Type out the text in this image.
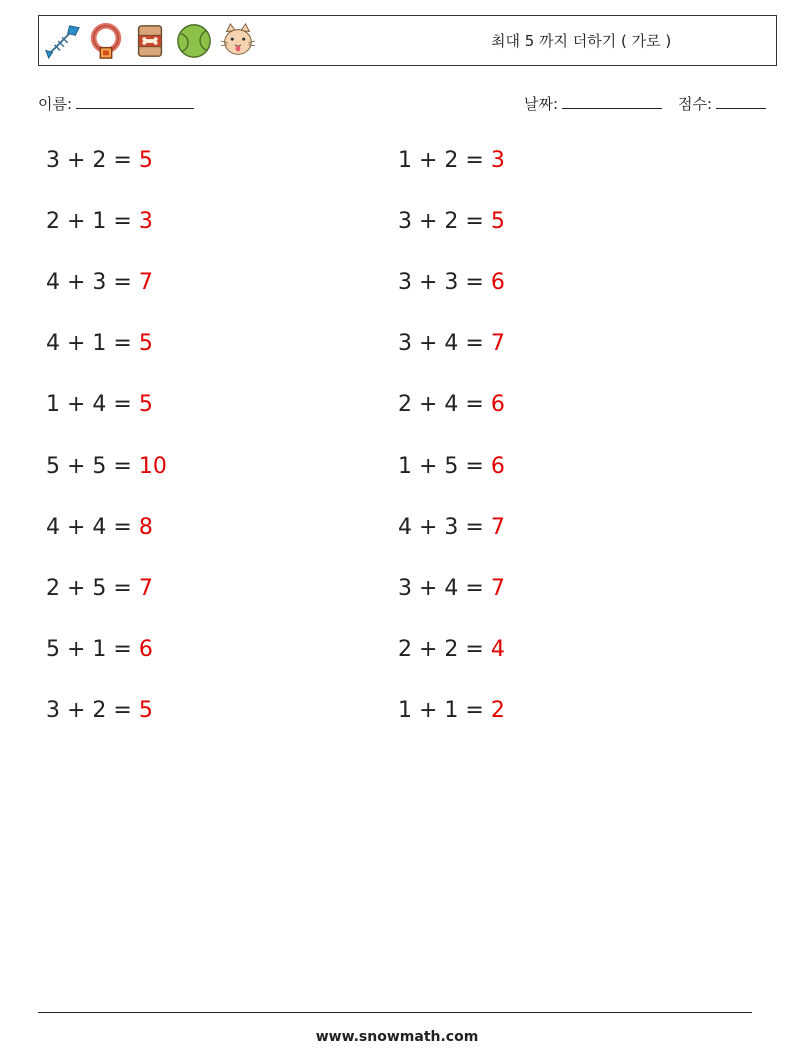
최대 5 까지 더하기 ( 가로 )
이름:	날짜:	점수:
3 + 2 = 5	1 + 2 = 3
2 + 1 = 3	3 + 2 = 5
4 + 3 = 7	3 + 3 = 6
4 + 1 = 5	3 + 4 = 7
1 + 4 = 5	2 + 4 = 6
5 + 5 = 10	1 + 5 = 6
4 + 4 = 8	4 + 3 = 7
2 + 5 = 7	3 + 4 = 7
5 + 1 = 6	2 + 2 = 4
3 + 2 = 5	1 + 1 = 2
www.snowmath.com
